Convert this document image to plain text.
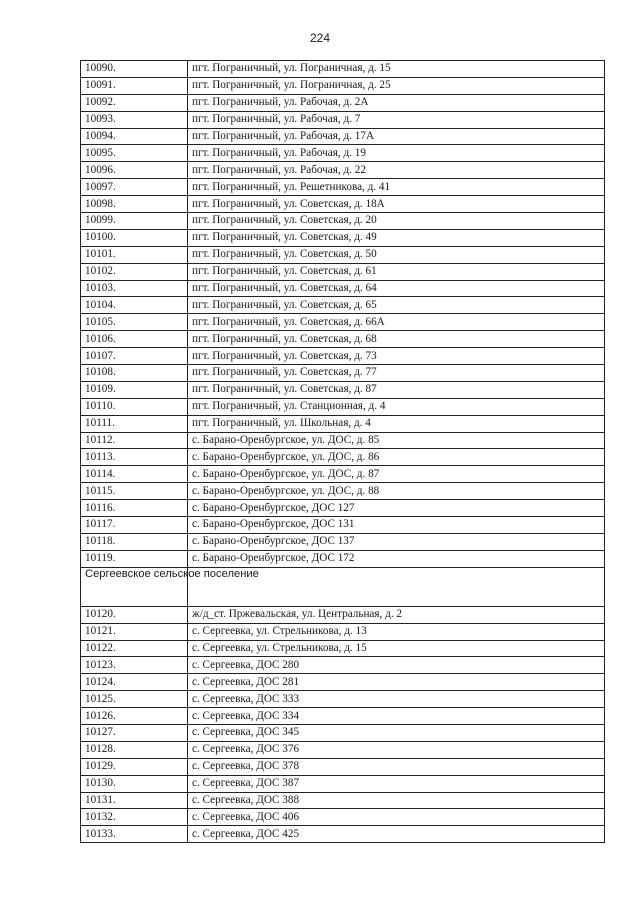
224
10090.	пгт. Пограничный, ул. Пограничная, д. 15
10091.	пгт. Пограничный, ул. Пограничная, д. 25
10092.	пгт. Пограничный, ул. Рабочая, д. 2А
10093.	пгт. Пограничный, ул. Рабочая, д. 7
10094.	пгт. Пограничный, ул. Рабочая, д. 17А
10095.	пгт. Пограничный, ул. Рабочая, д. 19
10096.	пгт. Пограничный, ул. Рабочая, д. 22
10097.	пгт. Пограничный, ул. Решетникова, д. 41
10098.	пгт. Пограничный, ул. Советская, д. 18А
10099.	пгт. Пограничный, ул. Советская, д. 20
10100.	пгт. Пограничный, ул. Советская, д. 49
10101.	пгт. Пограничный, ул. Советская, д. 50
10102.	пгт. Пограничный, ул. Советская, д. 61
10103.	пгт. Пограничный, ул. Советская, д. 64
10104.	пгт. Пограничный, ул. Советская, д. 65
10105.	пгт. Пограничный, ул. Советская, д. 66А
10106.	пгт. Пограничный, ул. Советская, д. 68
10107.	пгт. Пограничный, ул. Советская, д. 73
10108.	пгт. Пограничный, ул. Советская, д. 77
10109.	пгт. Пограничный, ул. Советская, д. 87
10110.	пгт. Пограничный, ул. Станционная, д. 4
10111.	пгт. Пограничный, ул. Школьная, д. 4
10112.	с. Барано-Оренбургское, ул. ДОС, д. 85
10113.	с. Барано-Оренбургское, ул. ДОС, д. 86
10114.	с. Барано-Оренбургское, ул. ДОС, д. 87
10115.	с. Барано-Оренбургское, ул. ДОС, д. 88
10116.	с. Барано-Оренбургское, ДОС 127
10117.	с. Барано-Оренбургское, ДОС 131
10118.	с. Барано-Оренбургское, ДОС 137
10119.	с. Барано-Оренбургское, ДОС 172
Сергеевское сельское поселение	
10120.	ж/д_ст. Пржевальская, ул. Центральная, д. 2
10121.	с. Сергеевка, ул. Стрельникова, д. 13
10122.	с. Сергеевка, ул. Стрельникова, д. 15
10123.	с. Сергеевка, ДОС 280
10124.	с. Сергеевка, ДОС 281
10125.	с. Сергеевка, ДОС 333
10126.	с. Сергеевка, ДОС 334
10127.	с. Сергеевка, ДОС 345
10128.	с. Сергеевка, ДОС 376
10129.	с. Сергеевка, ДОС 378
10130.	с. Сергеевка, ДОС 387
10131.	с. Сергеевка, ДОС 388
10132.	с. Сергеевка, ДОС 406
10133.	с. Сергеевка, ДОС 425
